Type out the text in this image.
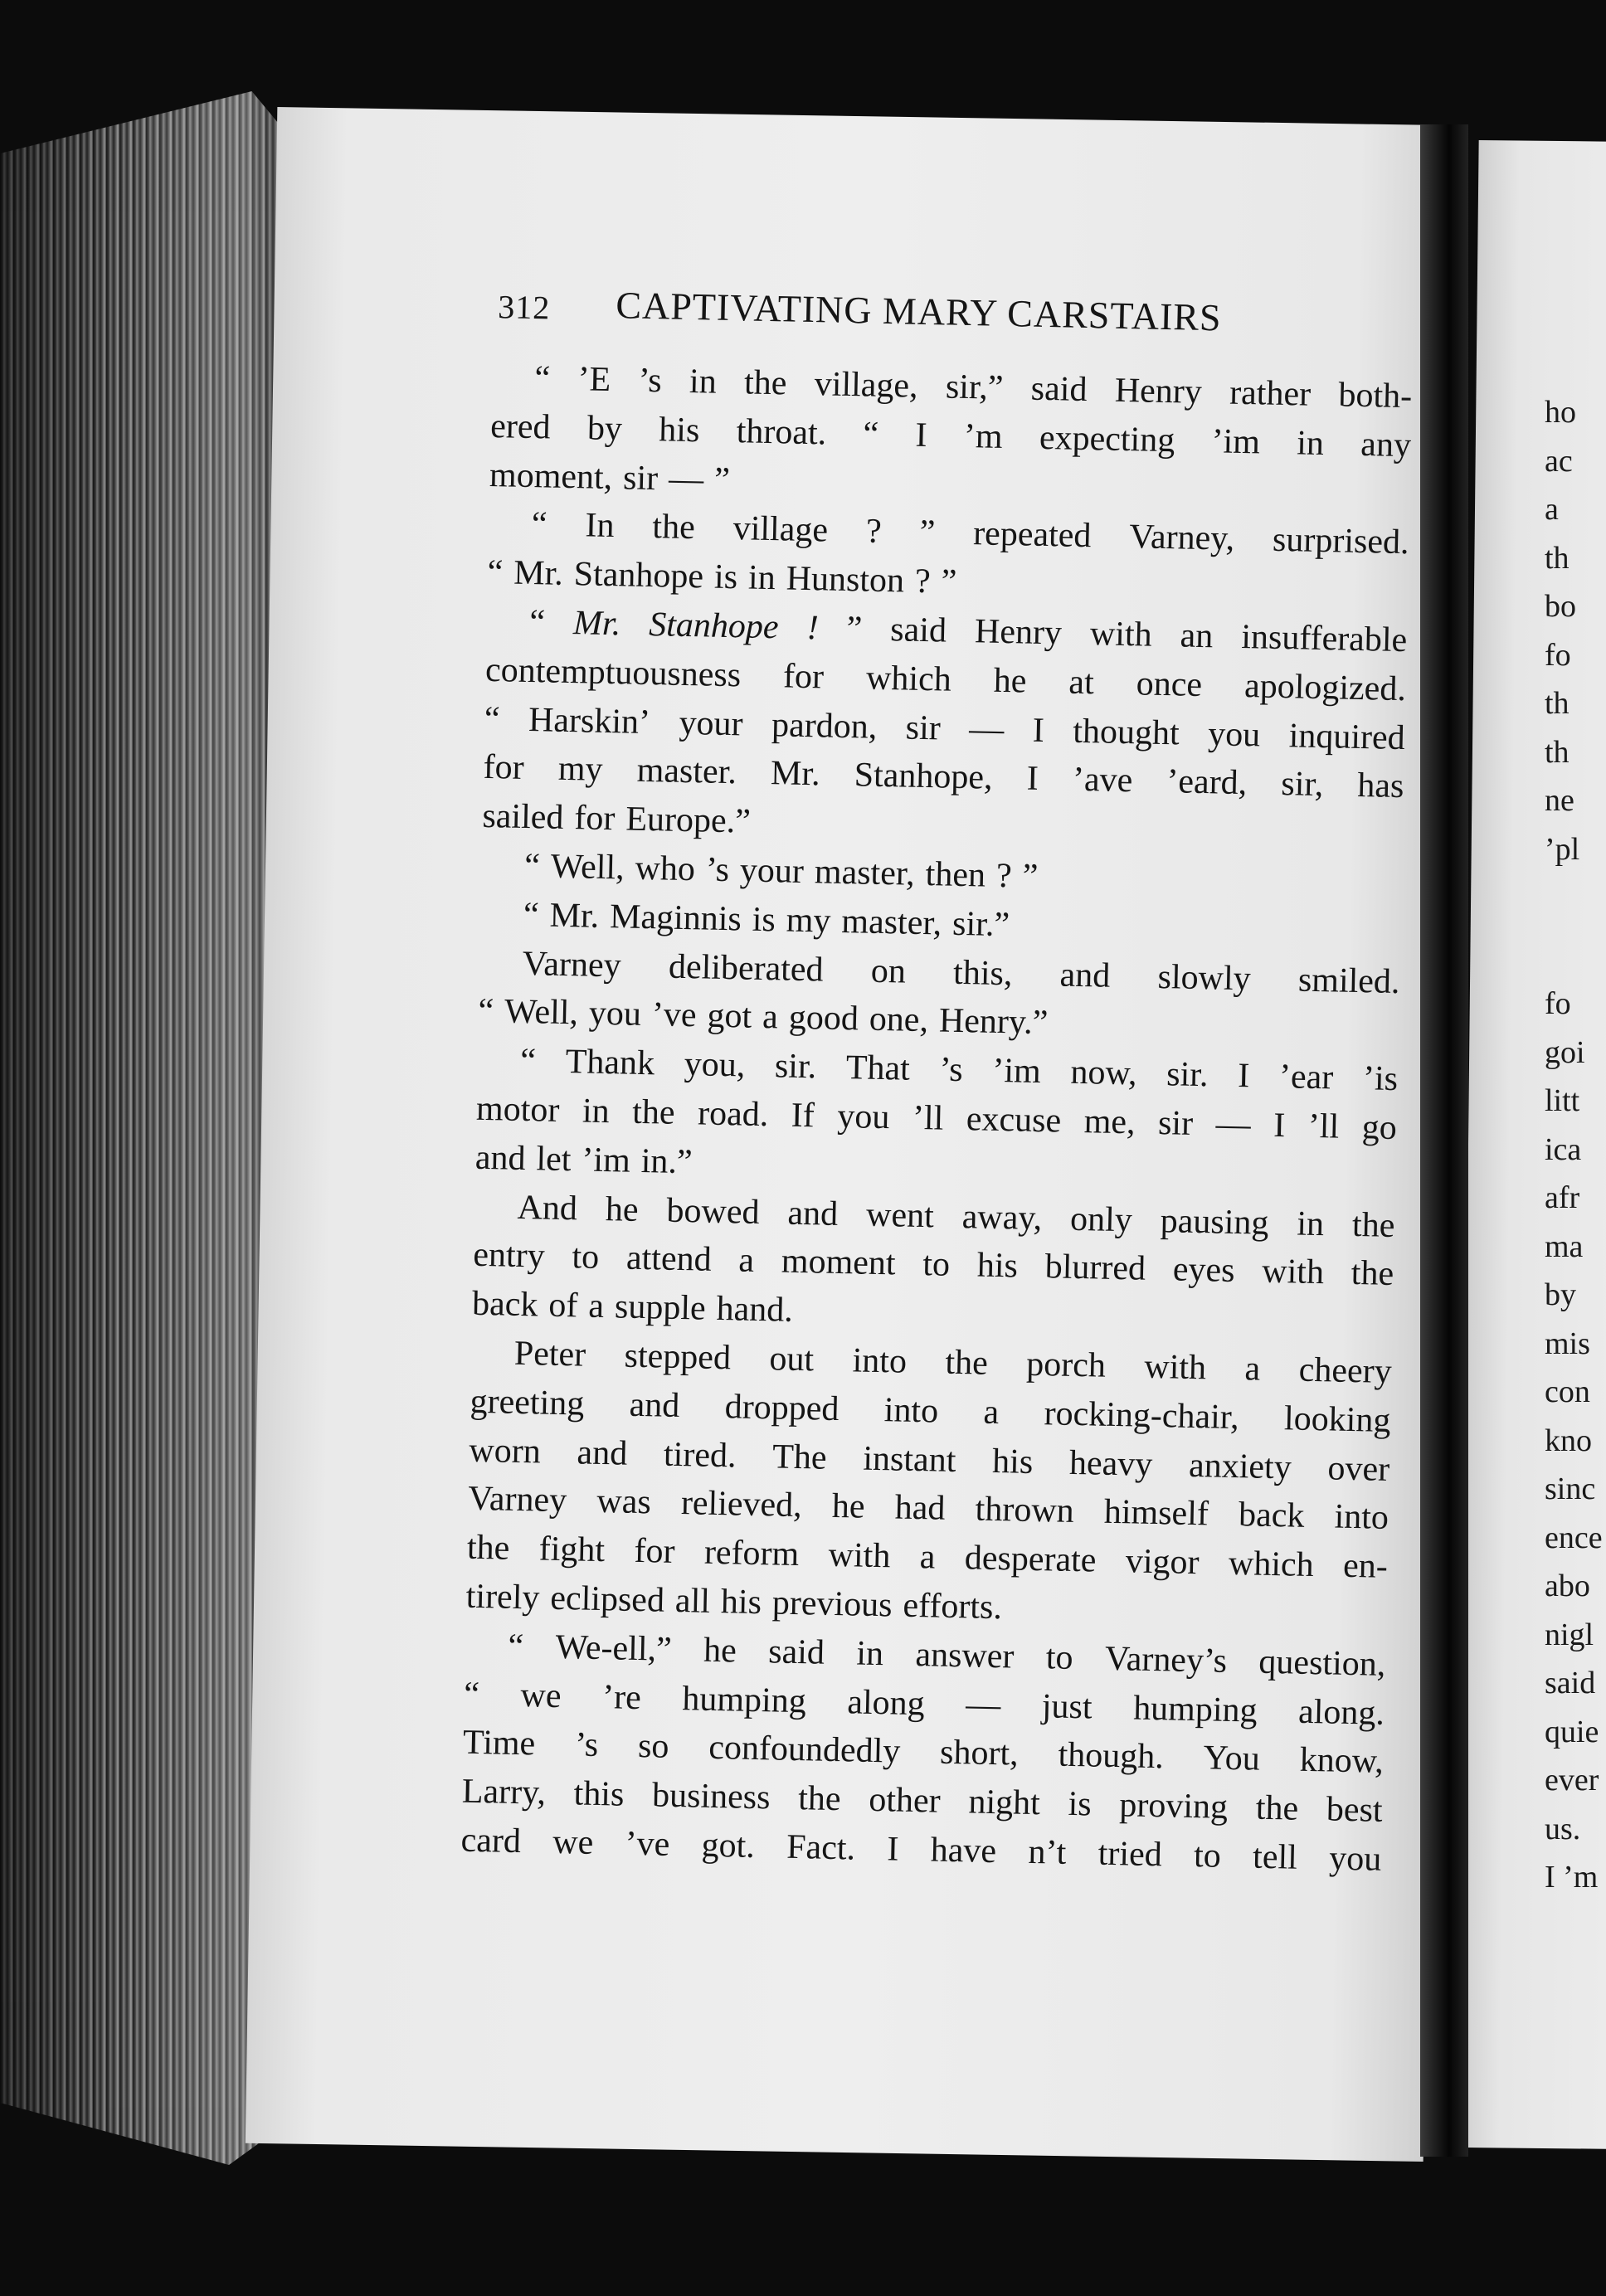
ho
ac
a
th
bo
fo
th
th
ne
’pl
fo
goi
litt
ica
afr
ma
by
mis
con
kno
sinc
ence
abo
nigl
said
quie
ever
us.
I ’m
312 CAPTIVATING MARY CARSTAIRS
“ ’E ’s in the village, sir,” said Henry rather both-
ered by his throat. “ I ’m expecting ’im in any
moment, sir — ”
“ In the village ? ” repeated Varney, surprised.
“ Mr. Stanhope is in Hunston ? ”
“ Mr. Stanhope ! ” said Henry with an insufferable
contemptuousness for which he at once apologized.
“ Harskin’ your pardon, sir — I thought you inquired
for my master. Mr. Stanhope, I ’ave ’eard, sir, has
sailed for Europe.”
“ Well, who ’s your master, then ? ”
“ Mr. Maginnis is my master, sir.”
Varney deliberated on this, and slowly smiled.
“ Well, you ’ve got a good one, Henry.”
“ Thank you, sir. That ’s ’im now, sir. I ’ear ’is
motor in the road. If you ’ll excuse me, sir — I ’ll go
and let ’im in.”
And he bowed and went away, only pausing in the
entry to attend a moment to his blurred eyes with the
back of a supple hand.
Peter stepped out into the porch with a cheery
greeting and dropped into a rocking-chair, looking
worn and tired. The instant his heavy anxiety over
Varney was relieved, he had thrown himself back into
the fight for reform with a desperate vigor which en-
tirely eclipsed all his previous efforts.
“ We-ell,” he said in answer to Varney’s question,
“ we ’re humping along — just humping along.
Time ’s so confoundedly short, though. You know,
Larry, this business the other night is proving the best
card we ’ve got. Fact. I have n’t tried to tell you
